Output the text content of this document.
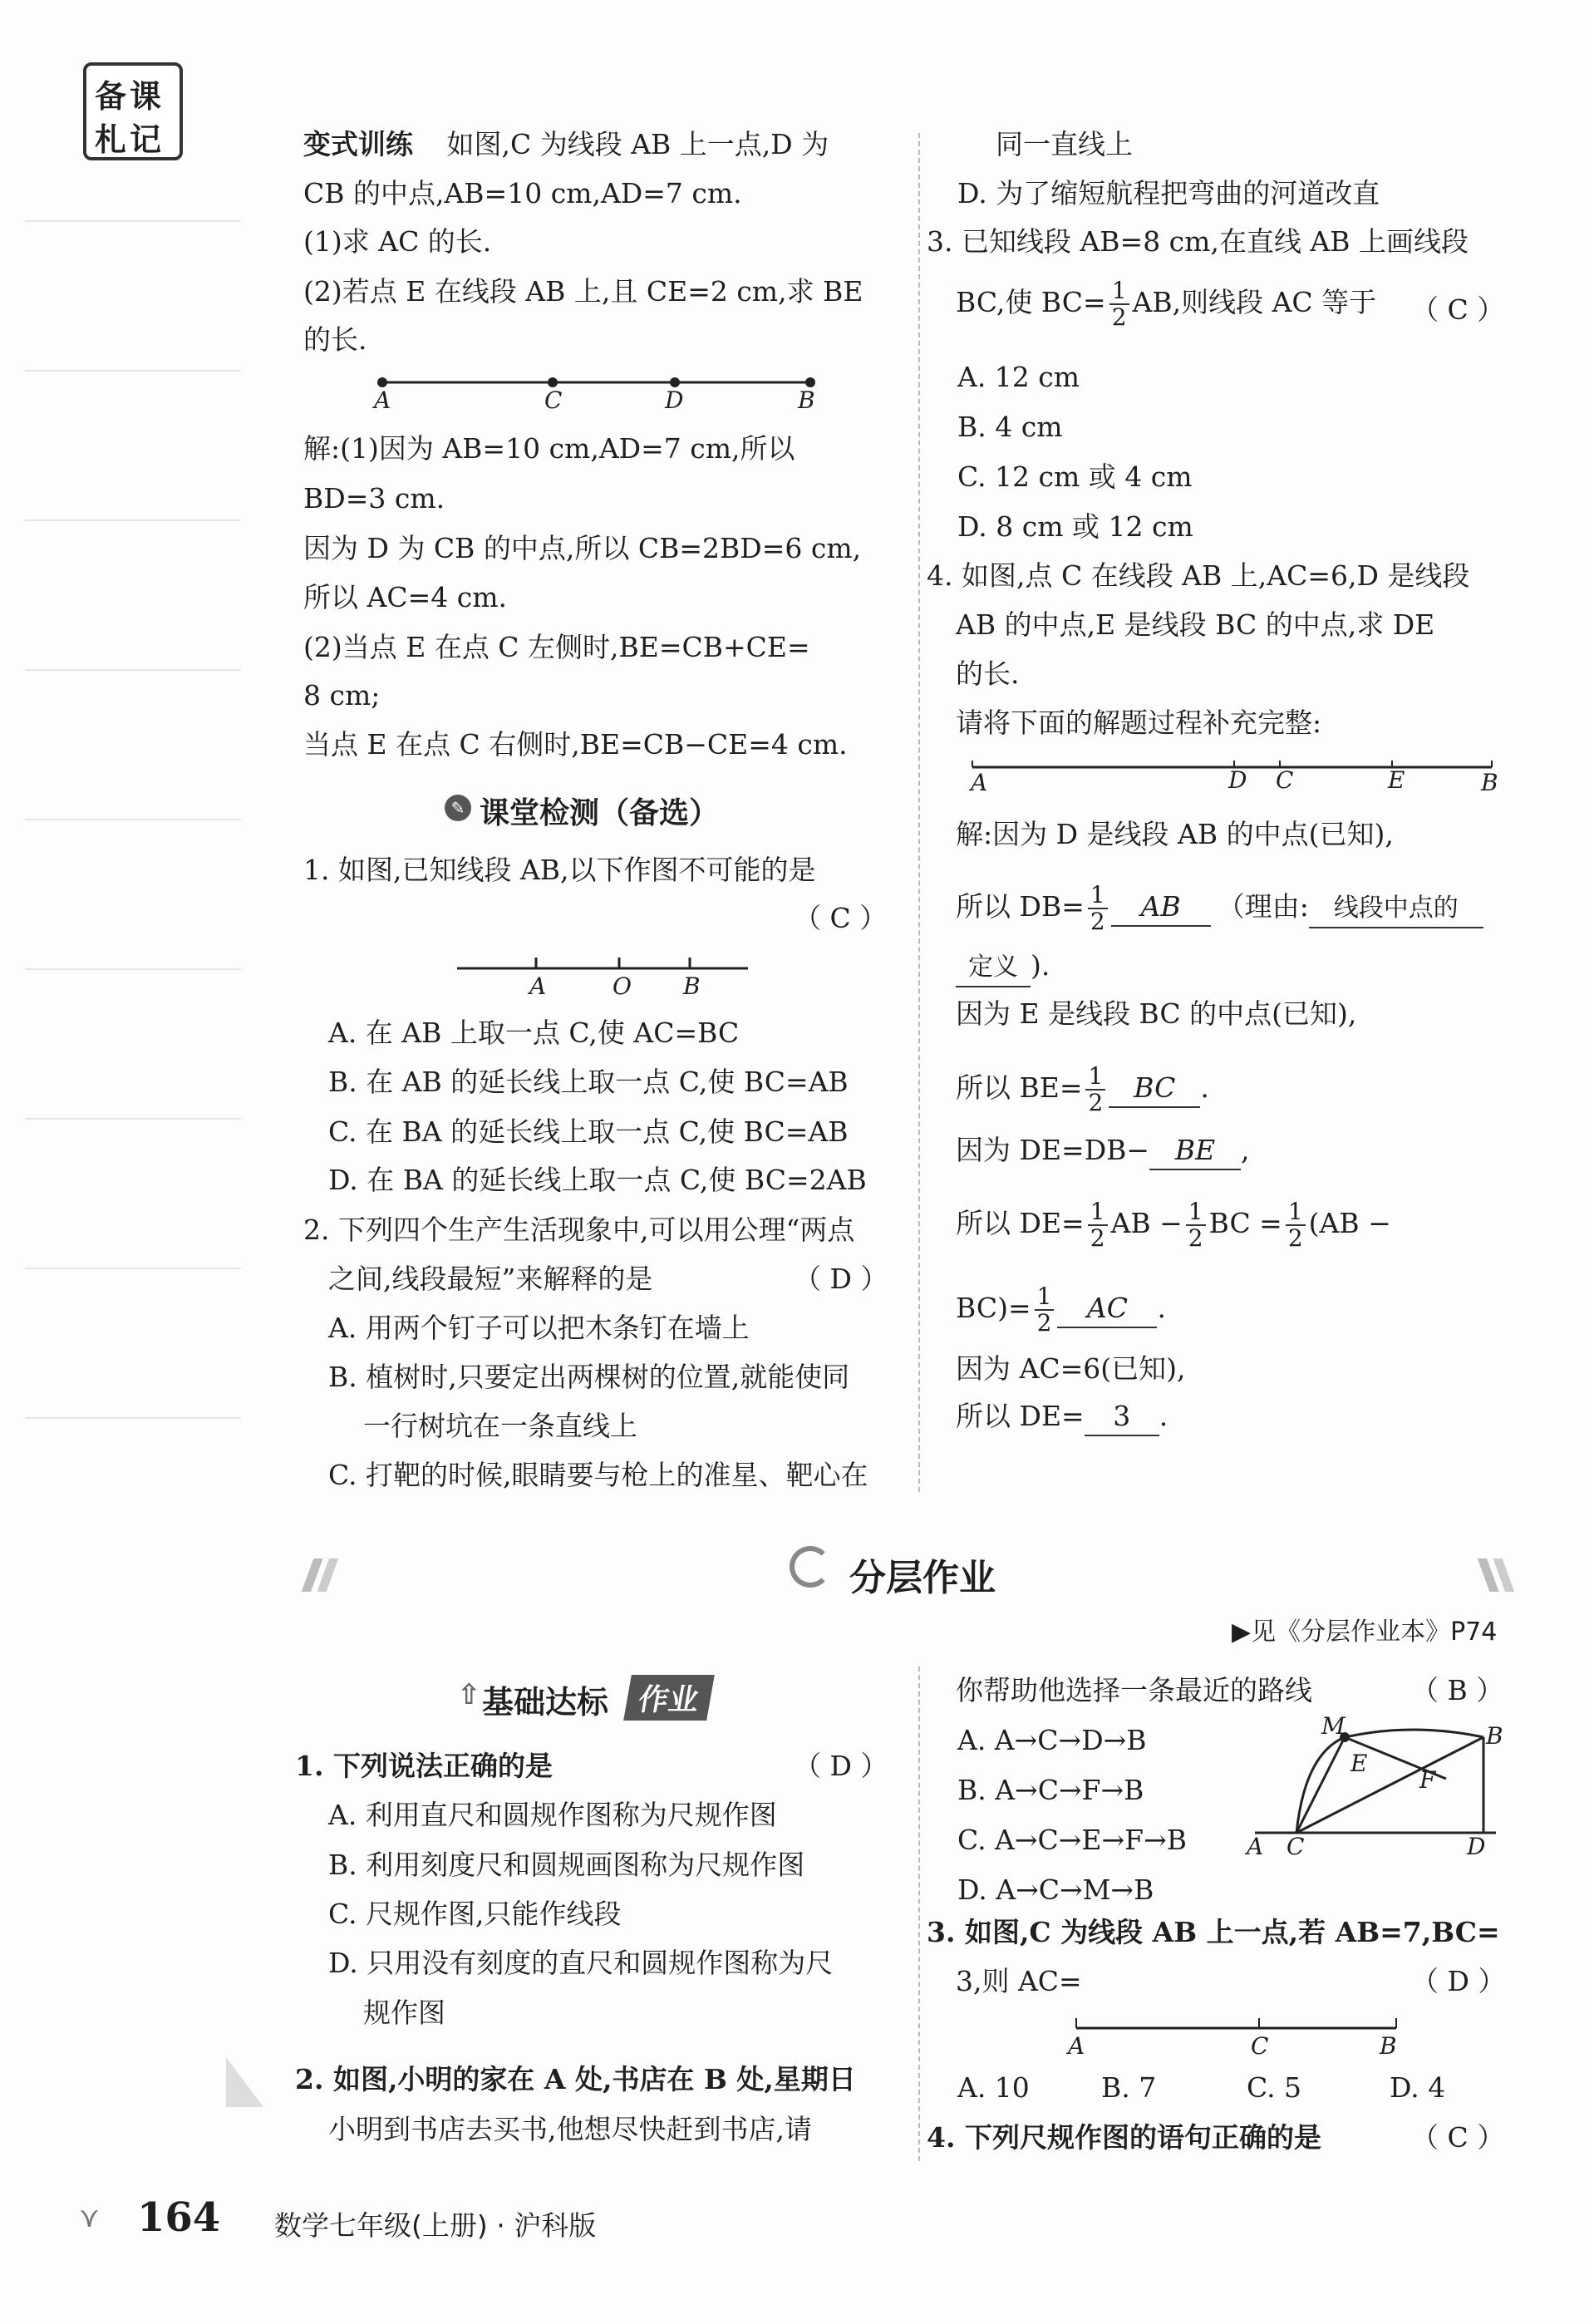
备课
札记	变式训练 如图,C 为线段 AB 上一点,D 为
CB 的中点,AB=10 cm,AD=7 cm.
(1)求 AC 的长.
(2)若点 E 在线段 AB 上,且 CE=2 cm,求 BE
的长.
A	C	D	B
解:(1)因为 AB=10 cm,AD=7 cm,所以
BD=3 cm.
因为 D 为 CB 的中点,所以 CB=2BD=6 cm,
所以 AC=4 cm.
(2)当点 E 在点 C 左侧时,BE=CB+CE=
8 cm;
当点 E 在点 C 右侧时,BE=CB−CE=4 cm.
✎ 课堂检测（备选）
1. 如图,已知线段 AB,以下作图不可能的是
（ C ）
A	O B
A. 在 AB 上取一点 C,使 AC=BC
B. 在 AB 的延长线上取一点 C,使 BC=AB
C. 在 BA 的延长线上取一点 C,使 BC=AB
D. 在 BA 的延长线上取一点 C,使 BC=2AB
2. 下列四个生产生活现象中,可以用公理“两点
之间,线段最短”来解释的是	（ D ）
A. 用两个钉子可以把木条钉在墙上
B. 植树时,只要定出两棵树的位置,就能使同
一行树坑在一条直线上
C. 打靶的时候,眼睛要与枪上的准星、靶心在
同一直线上
D. 为了缩短航程把弯曲的河道改直
3. 已知线段 AB=8 cm,在直线 AB 上画线段
BC,使 $BC= \frac{1}{2}$ AB,则线段 AC 等于 （ C ）
A. 12 cm
B. 4 cm
C. 12 cm 或 4 cm
D. 8 cm 或 12 cm
4. 如图,点 C 在线段 AB 上,AC=6,D 是线段
AB 的中点,E 是线段 BC 的中点,求 DE
的长.
请将下面的解题过程补充完整:
A	D C	E	B
解:因为 D 是线段 AB 的中点(已知),
所以 $DB= \frac{1}{2}$ AB （理由: 线段中点的
定义 ).
因为 E 是线段 BC 的中点(已知),
所以 $BE= \frac{1}{2}$ BC .
因为 DE=DB− BE ,
所以 $DE= \frac{1}{2}$ AB − $\frac{1}{2}$ BC = $\frac{1}{2} (AB$ −
$BC)= \frac{1}{2}$ AC .
因为 AC=6(已知),
所以 DE= 3 .
分层作业
▶见《分层作业本》P74
⇧ 基础达标 作业
1. 下列说法正确的是	（ D ）
A. 利用直尺和圆规作图称为尺规作图
B. 利用刻度尺和圆规画图称为尺规作图
C. 尺规作图,只能作线段
D. 只用没有刻度的直尺和圆规作图称为尺
规作图
2. 如图,小明的家在 A 处,书店在 B 处,星期日
小明到书店去买书,他想尽快赶到书店,请
你帮助他选择一条最近的路线	（ B ）
A. A→C→D→B
B. A→C→F→B
C. A→C→E→F→B
D. A→C→M→B
M	B
E
F
A C	D
3. 如图,C 为线段 AB 上一点,若 AB=7,BC=
3,则 AC=	（ D ）
A	C	B
A. 10	B. 7	C. 5	D. 4
4. 下列尺规作图的语句正确的是	（ C ）
⋎ 164 数学七年级(上册) · 沪科版
